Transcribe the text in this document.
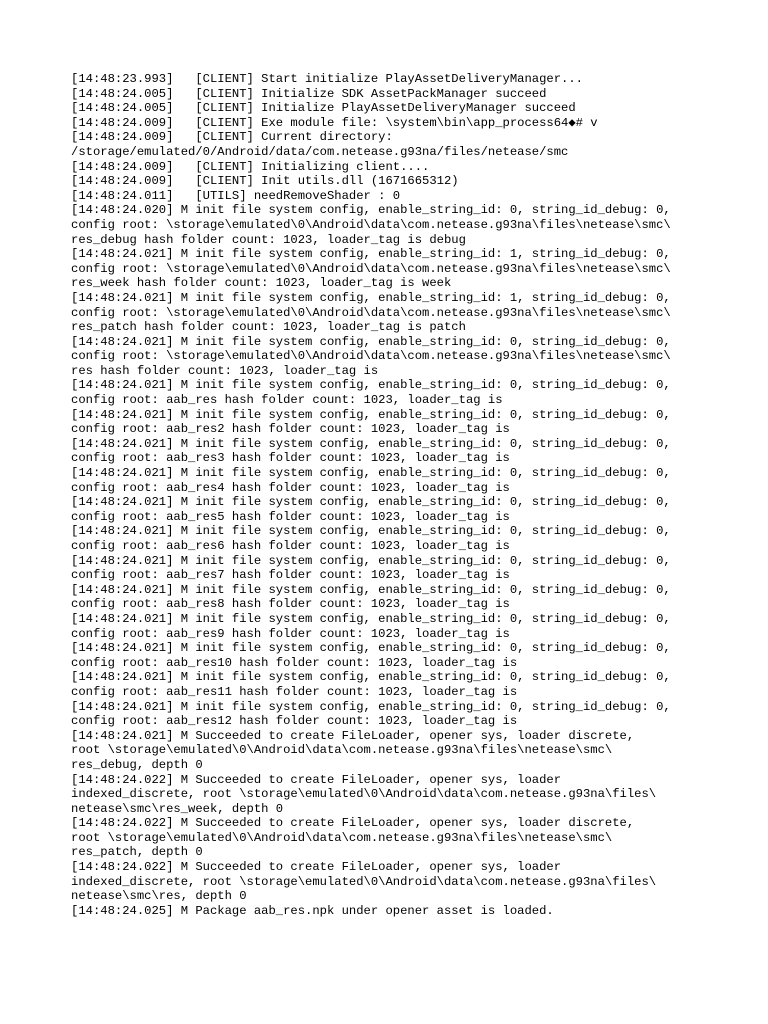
[14:48:23.993]   [CLIENT] Start initialize PlayAssetDeliveryManager...
[14:48:24.005]   [CLIENT] Initialize SDK AssetPackManager succeed
[14:48:24.005]   [CLIENT] Initialize PlayAssetDeliveryManager succeed
[14:48:24.009]   [CLIENT] Exe module file: \system\bin\app_process64◆# v
[14:48:24.009]   [CLIENT] Current directory:
/storage/emulated/0/Android/data/com.netease.g93na/files/netease/smc
[14:48:24.009]   [CLIENT] Initializing client....
[14:48:24.009]   [CLIENT] Init utils.dll (1671665312)
[14:48:24.011]   [UTILS] needRemoveShader : 0
[14:48:24.020] M init file system config, enable_string_id: 0, string_id_debug: 0,
config root: \storage\emulated\0\Android\data\com.netease.g93na\files\netease\smc\
res_debug hash folder count: 1023, loader_tag is debug
[14:48:24.021] M init file system config, enable_string_id: 1, string_id_debug: 0,
config root: \storage\emulated\0\Android\data\com.netease.g93na\files\netease\smc\
res_week hash folder count: 1023, loader_tag is week
[14:48:24.021] M init file system config, enable_string_id: 1, string_id_debug: 0,
config root: \storage\emulated\0\Android\data\com.netease.g93na\files\netease\smc\
res_patch hash folder count: 1023, loader_tag is patch
[14:48:24.021] M init file system config, enable_string_id: 0, string_id_debug: 0,
config root: \storage\emulated\0\Android\data\com.netease.g93na\files\netease\smc\
res hash folder count: 1023, loader_tag is
[14:48:24.021] M init file system config, enable_string_id: 0, string_id_debug: 0,
config root: aab_res hash folder count: 1023, loader_tag is
[14:48:24.021] M init file system config, enable_string_id: 0, string_id_debug: 0,
config root: aab_res2 hash folder count: 1023, loader_tag is
[14:48:24.021] M init file system config, enable_string_id: 0, string_id_debug: 0,
config root: aab_res3 hash folder count: 1023, loader_tag is
[14:48:24.021] M init file system config, enable_string_id: 0, string_id_debug: 0,
config root: aab_res4 hash folder count: 1023, loader_tag is
[14:48:24.021] M init file system config, enable_string_id: 0, string_id_debug: 0,
config root: aab_res5 hash folder count: 1023, loader_tag is
[14:48:24.021] M init file system config, enable_string_id: 0, string_id_debug: 0,
config root: aab_res6 hash folder count: 1023, loader_tag is
[14:48:24.021] M init file system config, enable_string_id: 0, string_id_debug: 0,
config root: aab_res7 hash folder count: 1023, loader_tag is
[14:48:24.021] M init file system config, enable_string_id: 0, string_id_debug: 0,
config root: aab_res8 hash folder count: 1023, loader_tag is
[14:48:24.021] M init file system config, enable_string_id: 0, string_id_debug: 0,
config root: aab_res9 hash folder count: 1023, loader_tag is
[14:48:24.021] M init file system config, enable_string_id: 0, string_id_debug: 0,
config root: aab_res10 hash folder count: 1023, loader_tag is
[14:48:24.021] M init file system config, enable_string_id: 0, string_id_debug: 0,
config root: aab_res11 hash folder count: 1023, loader_tag is
[14:48:24.021] M init file system config, enable_string_id: 0, string_id_debug: 0,
config root: aab_res12 hash folder count: 1023, loader_tag is
[14:48:24.021] M Succeeded to create FileLoader, opener sys, loader discrete,
root \storage\emulated\0\Android\data\com.netease.g93na\files\netease\smc\
res_debug, depth 0
[14:48:24.022] M Succeeded to create FileLoader, opener sys, loader
indexed_discrete, root \storage\emulated\0\Android\data\com.netease.g93na\files\
netease\smc\res_week, depth 0
[14:48:24.022] M Succeeded to create FileLoader, opener sys, loader discrete,
root \storage\emulated\0\Android\data\com.netease.g93na\files\netease\smc\
res_patch, depth 0
[14:48:24.022] M Succeeded to create FileLoader, opener sys, loader
indexed_discrete, root \storage\emulated\0\Android\data\com.netease.g93na\files\
netease\smc\res, depth 0
[14:48:24.025] M Package aab_res.npk under opener asset is loaded.
